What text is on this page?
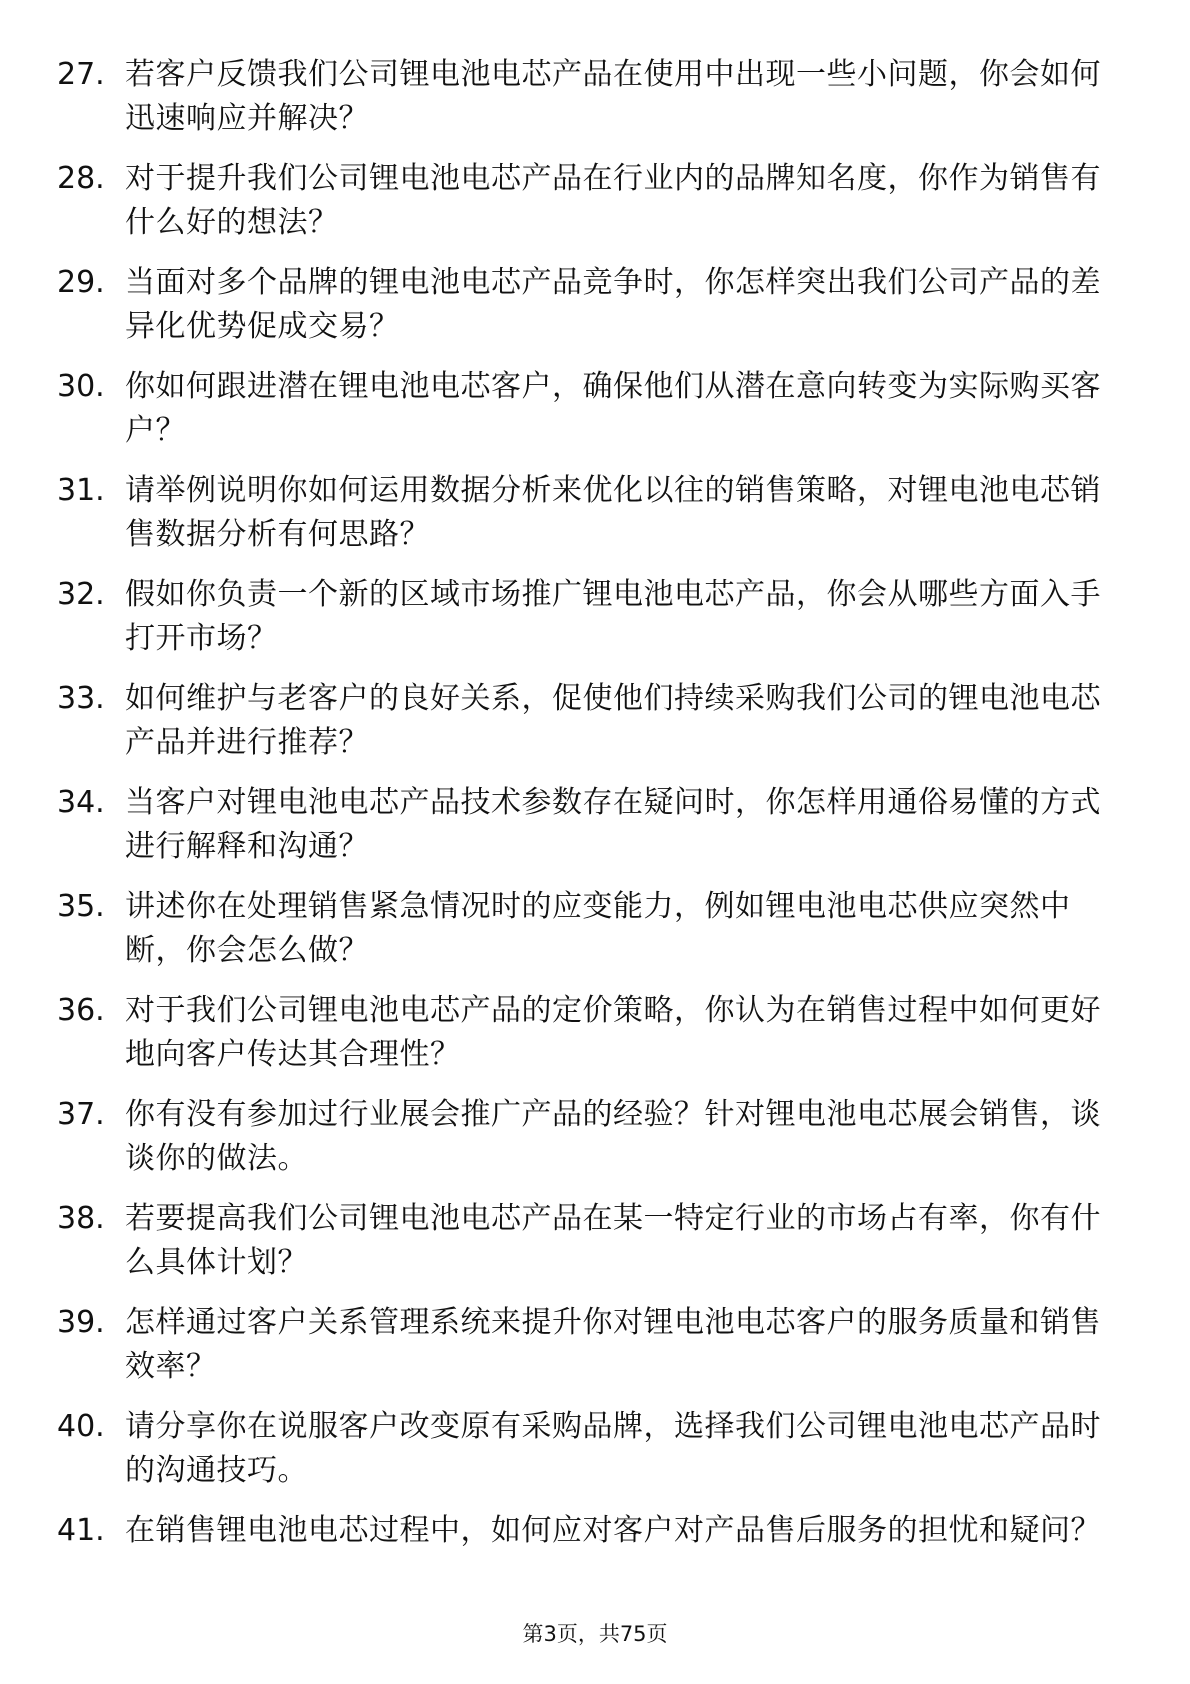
27. 若客户反馈我们公司锂电池电芯产品在使用中出现一些小问题，你会如何迅速响应并解决？
28. 对于提升我们公司锂电池电芯产品在行业内的品牌知名度，你作为销售有什么好的想法？
29. 当面对多个品牌的锂电池电芯产品竞争时，你怎样突出我们公司产品的差异化优势促成交易？
30. 你如何跟进潜在锂电池电芯客户，确保他们从潜在意向转变为实际购买客户？
31. 请举例说明你如何运用数据分析来优化以往的销售策略，对锂电池电芯销售数据分析有何思路？
32. 假如你负责一个新的区域市场推广锂电池电芯产品，你会从哪些方面入手打开市场？
33. 如何维护与老客户的良好关系，促使他们持续采购我们公司的锂电池电芯产品并进行推荐？
34. 当客户对锂电池电芯产品技术参数存在疑问时，你怎样用通俗易懂的方式进行解释和沟通？
35. 讲述你在处理销售紧急情况时的应变能力，例如锂电池电芯供应突然中断，你会怎么做？
36. 对于我们公司锂电池电芯产品的定价策略，你认为在销售过程中如何更好地向客户传达其合理性？
37. 你有没有参加过行业展会推广产品的经验？针对锂电池电芯展会销售，谈谈你的做法。
38. 若要提高我们公司锂电池电芯产品在某一特定行业的市场占有率，你有什么具体计划？
39. 怎样通过客户关系管理系统来提升你对锂电池电芯客户的服务质量和销售效率？
40. 请分享你在说服客户改变原有采购品牌，选择我们公司锂电池电芯产品时的沟通技巧。
41. 在销售锂电池电芯过程中，如何应对客户对产品售后服务的担忧和疑问？
第3页，共75页
